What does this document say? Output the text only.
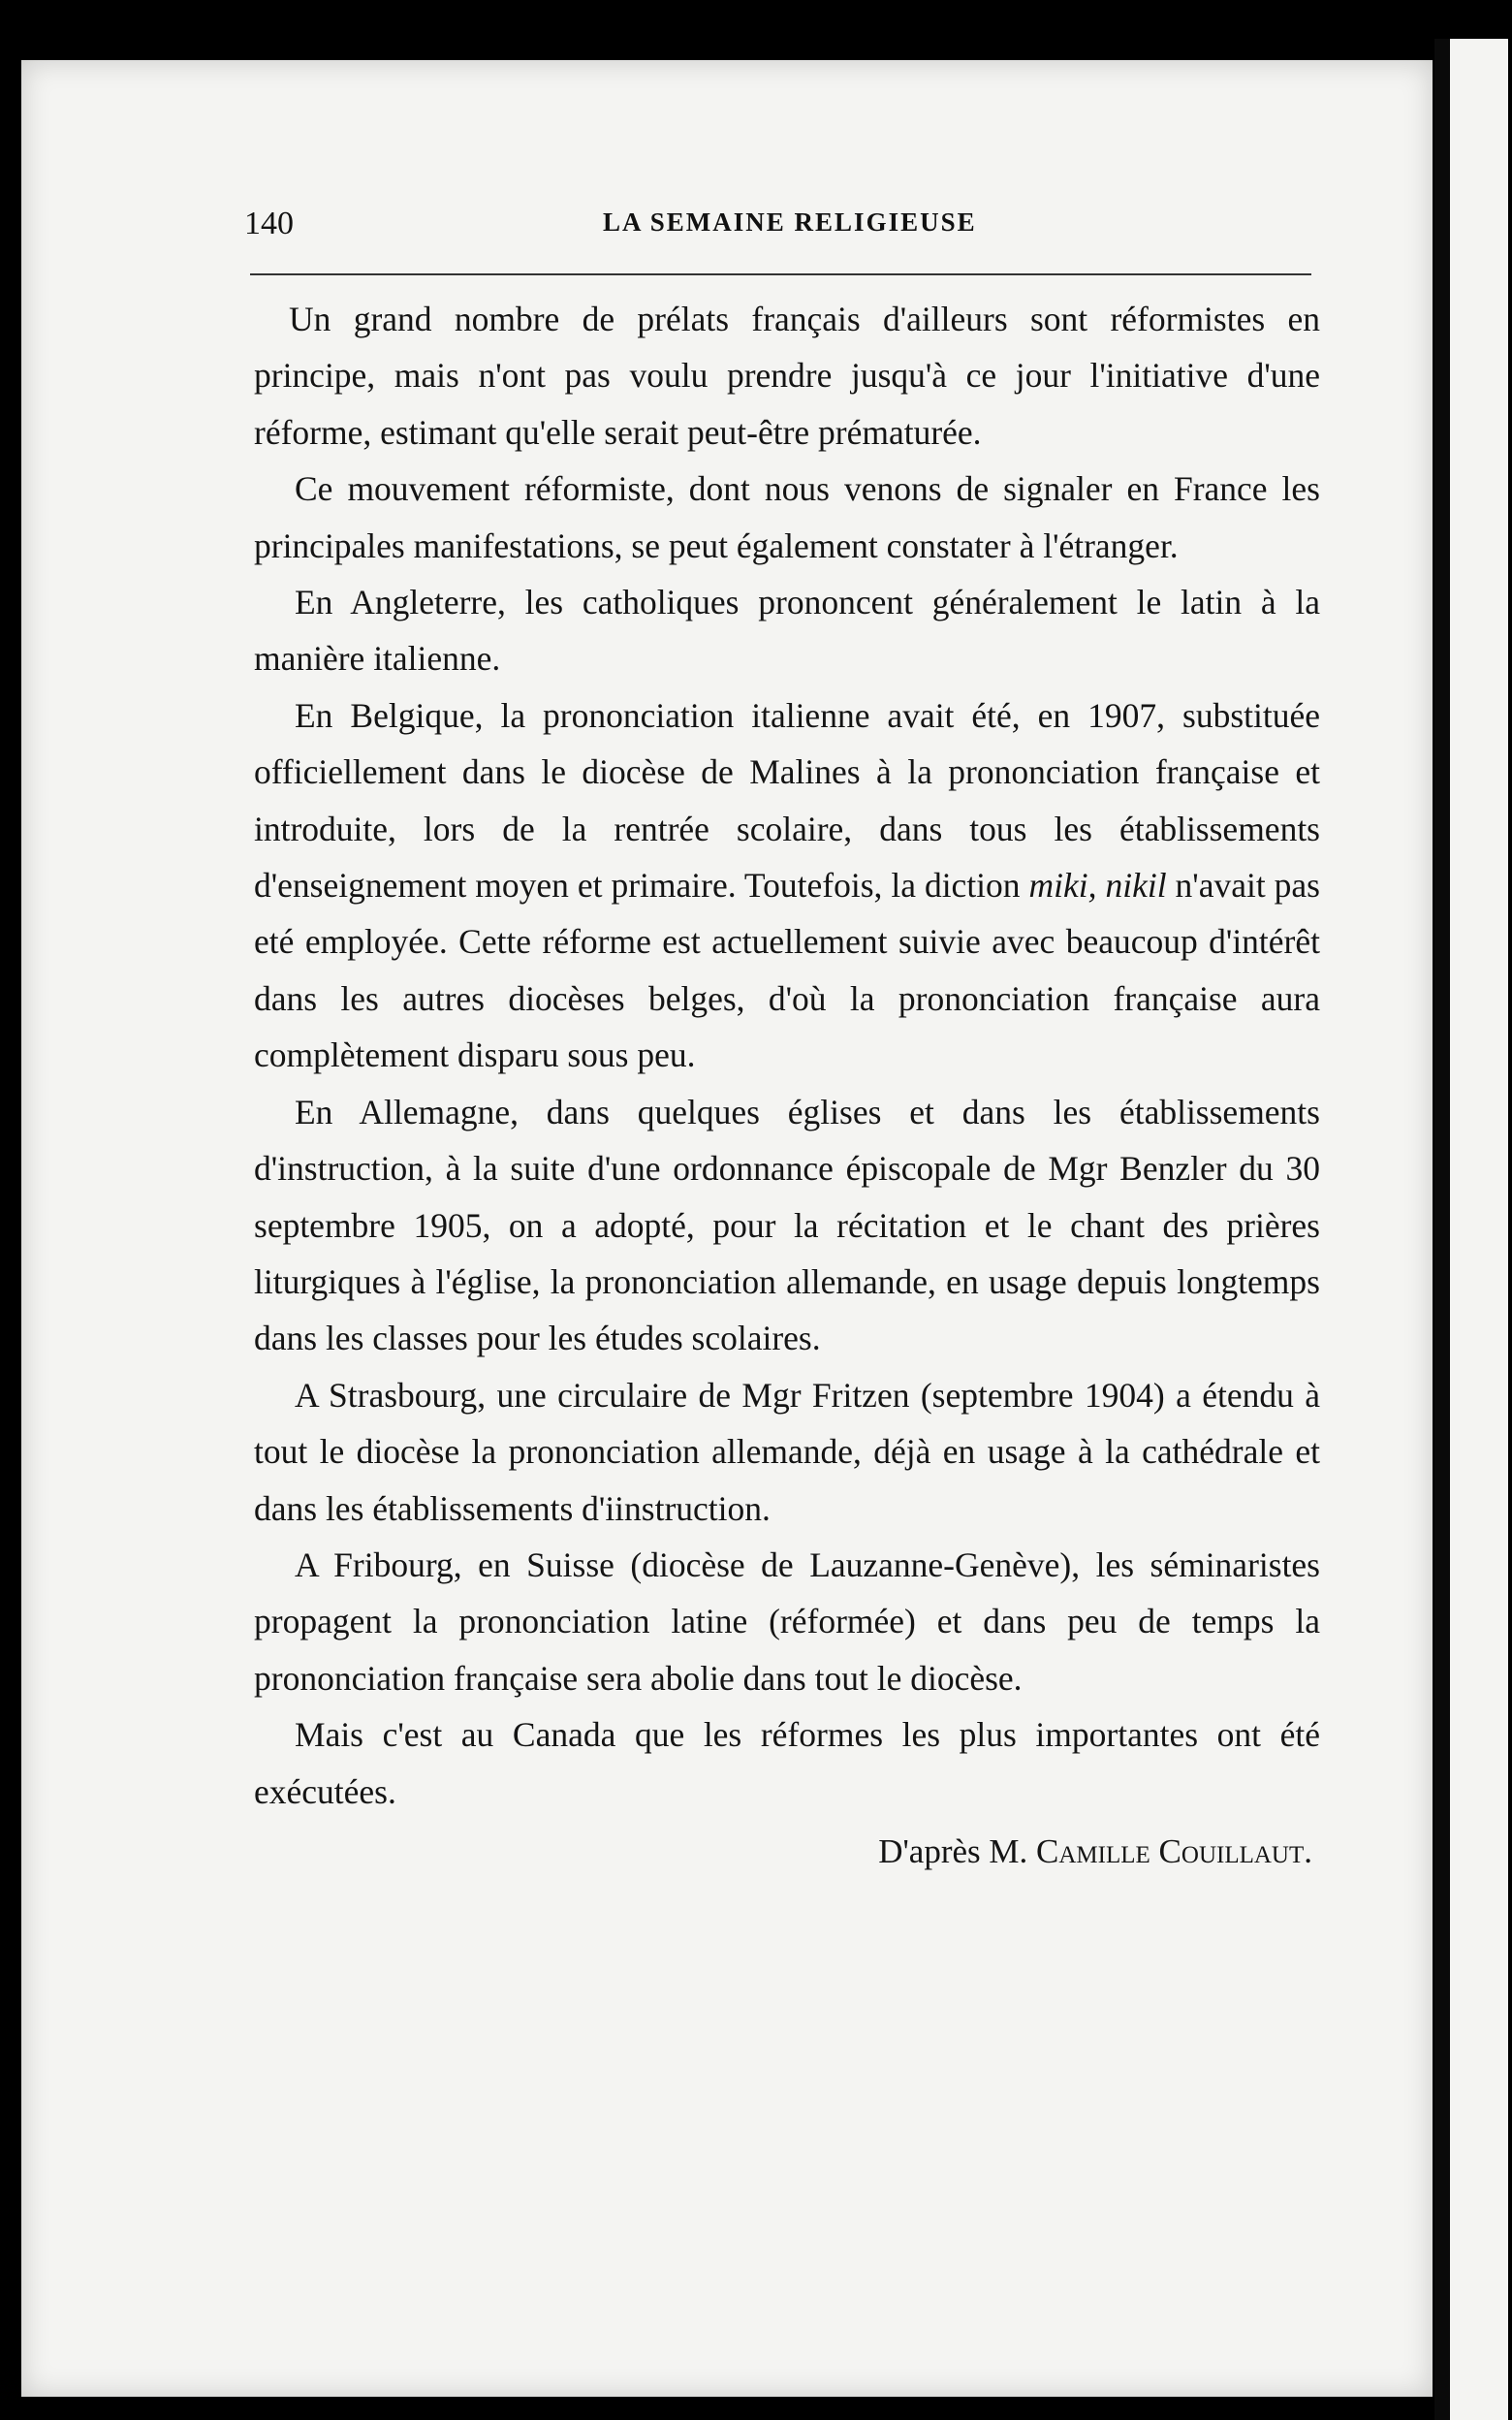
140	LA SEMAINE RELIGIEUSE

Un grand nombre de prélats français d'ailleurs sont réformistes en principe, mais n'ont pas voulu prendre jusqu'à ce jour l'initiative d'une réforme, estimant qu'elle serait peut-être prématurée.

Ce mouvement réformiste, dont nous venons de signaler en France les principales manifestations, se peut également constater à l'étranger.

En Angleterre, les catholiques prononcent généralement le latin à la manière italienne.

En Belgique, la prononciation italienne avait été, en 1907, substituée officiellement dans le diocèse de Malines à la prononciation française et introduite, lors de la rentrée scolaire, dans tous les établissements d'enseignement moyen et primaire. Toutefois, la diction miki, nikil n'avait pas eté employée. Cette réforme est actuellement suivie avec beaucoup d'intérêt dans les autres diocèses belges, d'où la prononciation française aura complètement disparu sous peu.

En Allemagne, dans quelques églises et dans les établissements d'instruction, à la suite d'une ordonnance épiscopale de Mgr Benzler du 30 septembre 1905, on a adopté, pour la récitation et le chant des prières liturgiques à l'église, la prononciation allemande, en usage depuis longtemps dans les classes pour les études scolaires.

A Strasbourg, une circulaire de Mgr Fritzen (septembre 1904) a étendu à tout le diocèse la prononciation allemande, déjà en usage à la cathédrale et dans les établissements d'iinstruction.

A Fribourg, en Suisse (diocèse de Lauzanne-Genève), les séminaristes propagent la prononciation latine (réformée) et dans peu de temps la prononciation française sera abolie dans tout le diocèse.

Mais c'est au Canada que les réformes les plus importantes ont été exécutées.

D'après M. Camille Couillaut.
